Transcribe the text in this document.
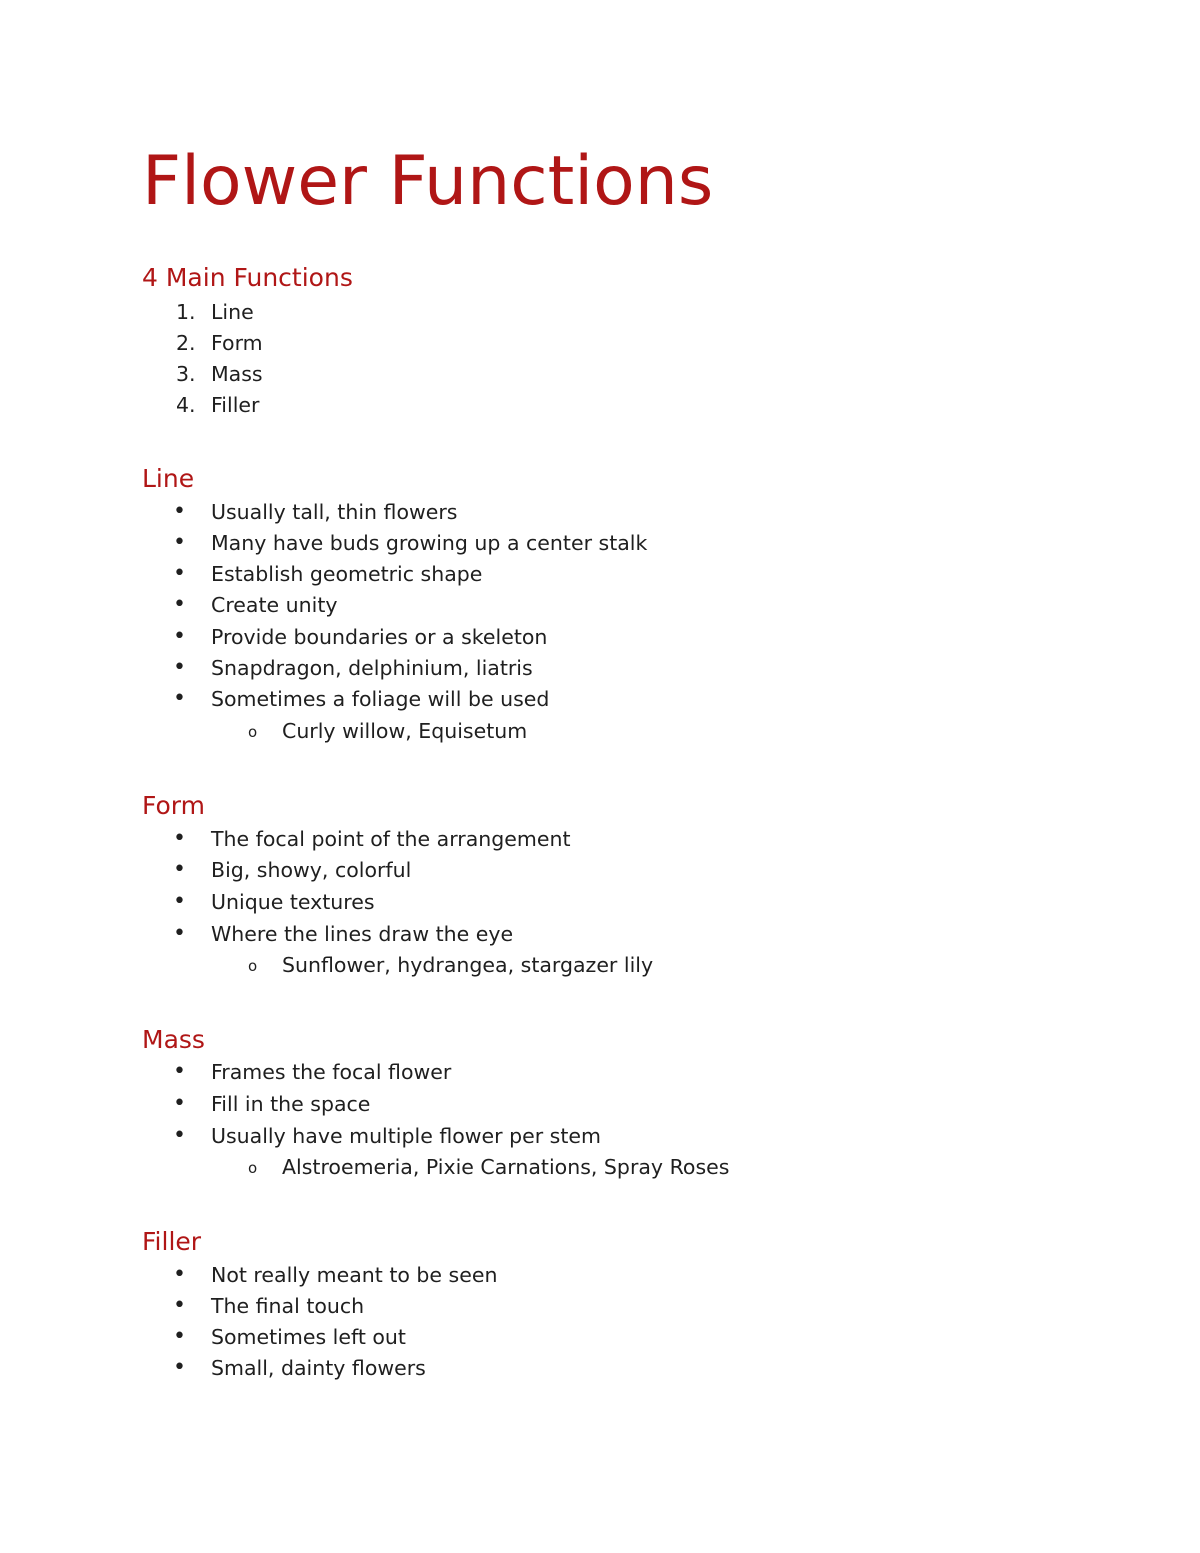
Flower Functions
4 Main Functions
1. Line
2. Form
3. Mass
4. Filler
Line
• Usually tall, thin flowers
• Many have buds growing up a center stalk
• Establish geometric shape
• Create unity
• Provide boundaries or a skeleton
• Snapdragon, delphinium, liatris
• Sometimes a foliage will be used
o Curly willow, Equisetum
Form
• The focal point of the arrangement
• Big, showy, colorful
• Unique textures
• Where the lines draw the eye
o Sunflower, hydrangea, stargazer lily
Mass
• Frames the focal flower
• Fill in the space
• Usually have multiple flower per stem
o Alstroemeria, Pixie Carnations, Spray Roses
Filler
• Not really meant to be seen
• The final touch
• Sometimes left out
• Small, dainty flowers
